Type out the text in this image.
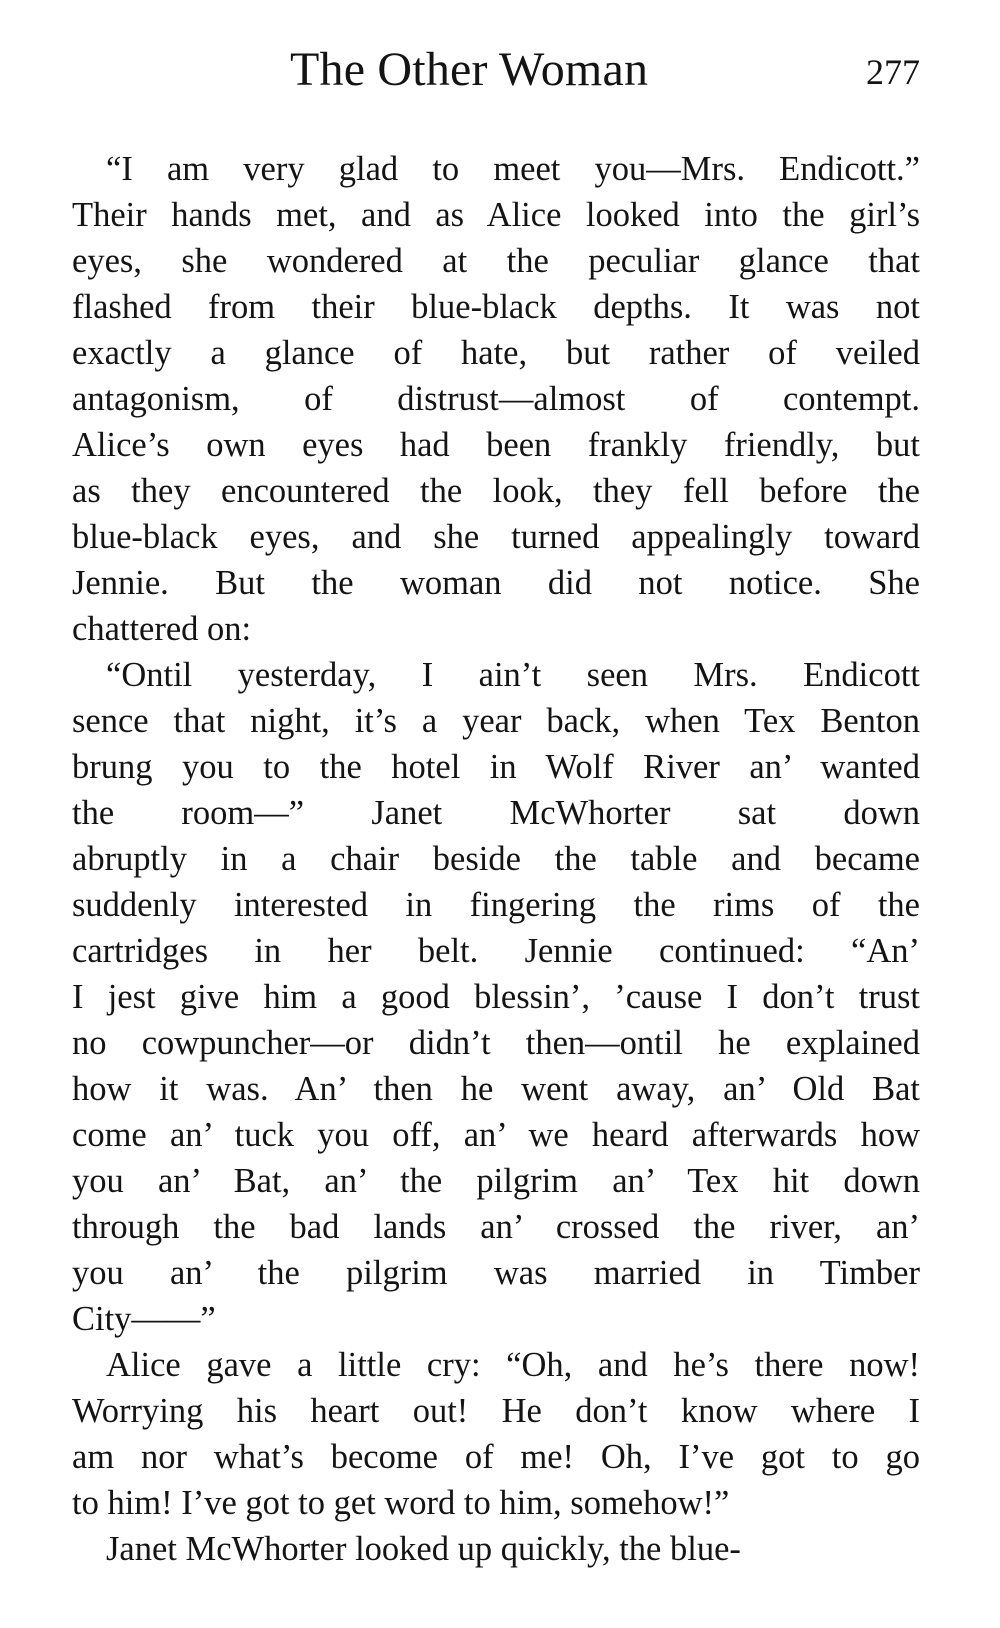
The Other Woman	277
“I am very glad to meet you—Mrs. Endicott.”
Their hands met, and as Alice looked into the girl’s
eyes, she wondered at the peculiar glance that
flashed from their blue-black depths. It was not
exactly a glance of hate, but rather of veiled
antagonism, of distrust—almost of contempt.
Alice’s own eyes had been frankly friendly, but
as they encountered the look, they fell before the
blue-black eyes, and she turned appealingly toward
Jennie. But the woman did not notice. She
chattered on:
“Ontil yesterday, I ain’t seen Mrs. Endicott
sence that night, it’s a year back, when Tex Benton
brung you to the hotel in Wolf River an’ wanted
the room—” Janet McWhorter sat down
abruptly in a chair beside the table and became
suddenly interested in fingering the rims of the
cartridges in her belt. Jennie continued: “An’
I jest give him a good blessin’, ’cause I don’t trust
no cowpuncher—or didn’t then—ontil he explained
how it was. An’ then he went away, an’ Old Bat
come an’ tuck you off, an’ we heard afterwards how
you an’ Bat, an’ the pilgrim an’ Tex hit down
through the bad lands an’ crossed the river, an’
you an’ the pilgrim was married in Timber
City——”
Alice gave a little cry: “Oh, and he’s there now!
Worrying his heart out! He don’t know where I
am nor what’s become of me! Oh, I’ve got to go
to him! I’ve got to get word to him, somehow!”
Janet McWhorter looked up quickly, the blue-
